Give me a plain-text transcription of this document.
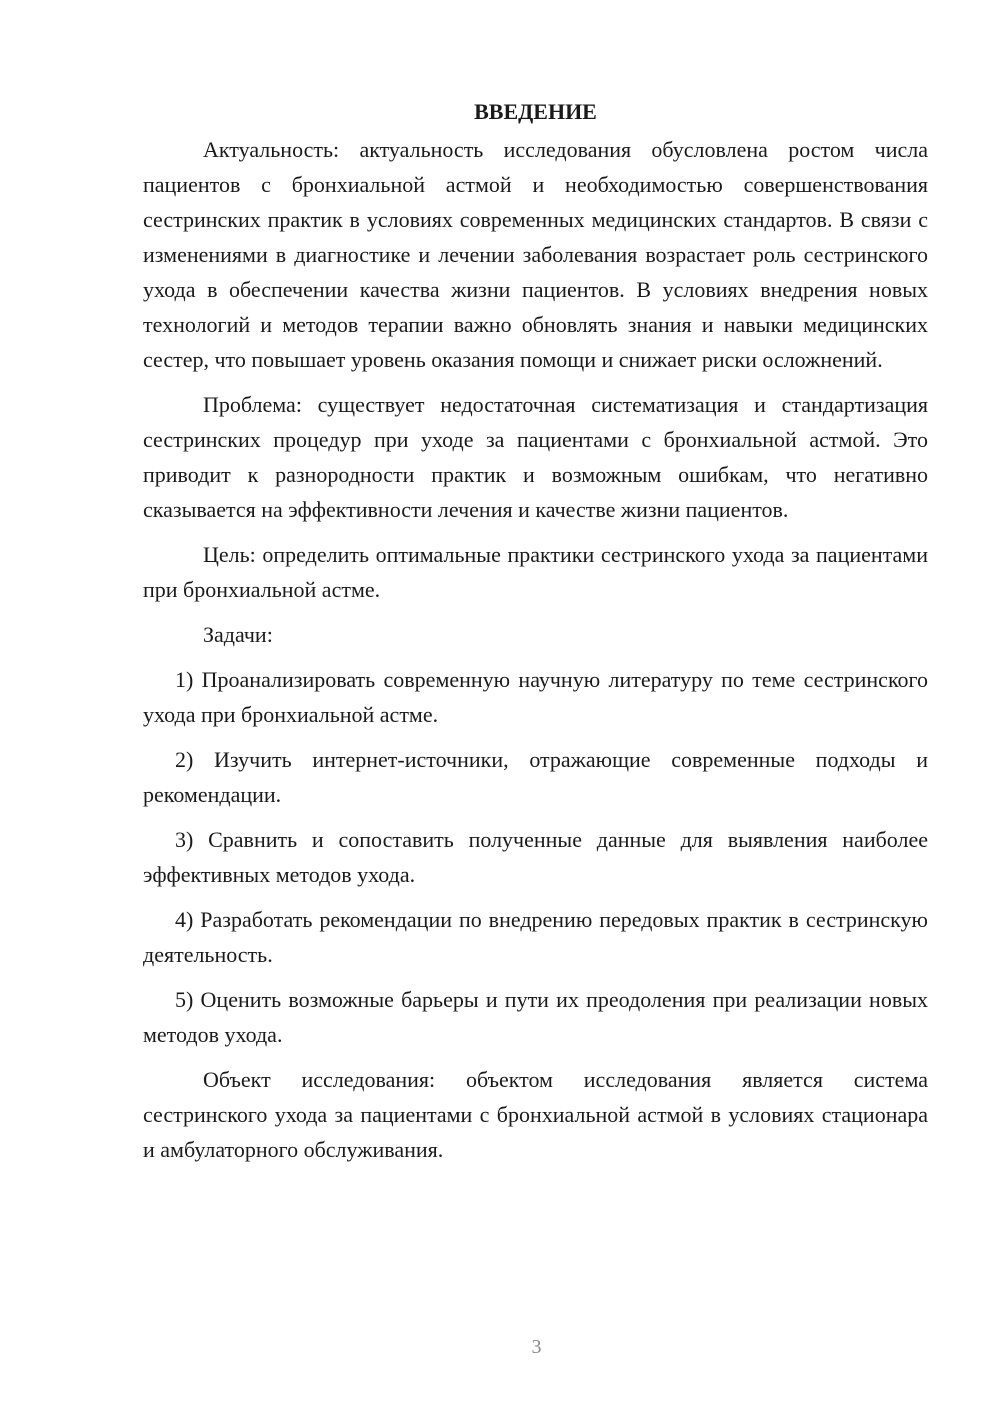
ВВЕДЕНИЕ

Актуальность: актуальность исследования обусловлена ростом числа пациентов с бронхиальной астмой и необходимостью совершенствования сестринских практик в условиях современных медицинских стандартов. В связи с изменениями в диагностике и лечении заболевания возрастает роль сестринского ухода в обеспечении качества жизни пациентов. В условиях внедрения новых технологий и методов терапии важно обновлять знания и навыки медицинских сестер, что повышает уровень оказания помощи и снижает риски осложнений.

Проблема: существует недостаточная систематизация и стандартизация сестринских процедур при уходе за пациентами с бронхиальной астмой. Это приводит к разнородности практик и возможным ошибкам, что негативно сказывается на эффективности лечения и качестве жизни пациентов.

Цель: определить оптимальные практики сестринского ухода за пациентами при бронхиальной астме.

Задачи:

1) Проанализировать современную научную литературу по теме сестринского ухода при бронхиальной астме.

2) Изучить интернет-источники, отражающие современные подходы и рекомендации.

3) Сравнить и сопоставить полученные данные для выявления наиболее эффективных методов ухода.

4) Разработать рекомендации по внедрению передовых практик в сестринскую деятельность.

5) Оценить возможные барьеры и пути их преодоления при реализации новых методов ухода.

Объект исследования: объектом исследования является система сестринского ухода за пациентами с бронхиальной астмой в условиях стационара и амбулаторного обслуживания.

3
